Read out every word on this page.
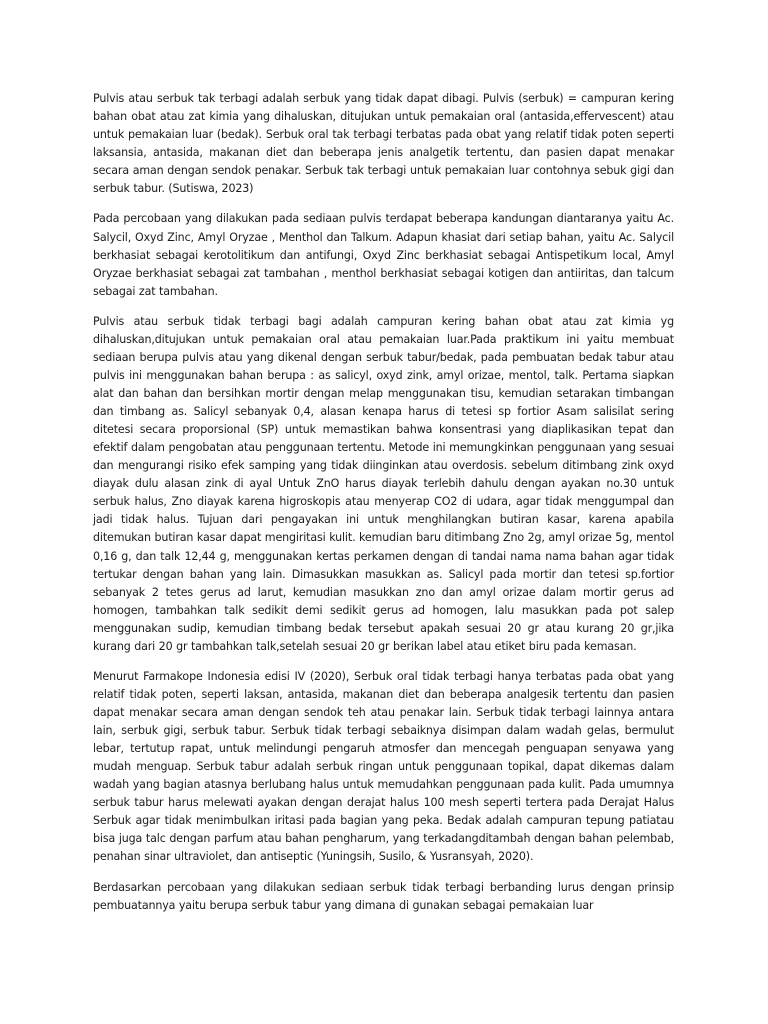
Pulvis atau serbuk tak terbagi adalah serbuk yang tidak dapat dibagi. Pulvis (serbuk) = campuran kering bahan obat atau zat kimia yang dihaluskan, ditujukan untuk pemakaian oral (antasida,effervescent) atau untuk pemakaian luar (bedak). Serbuk oral tak terbagi terbatas pada obat yang relatif tidak poten seperti laksansia, antasida, makanan diet dan beberapa jenis analgetik tertentu, dan pasien dapat menakar secara aman dengan sendok penakar. Serbuk tak terbagi untuk pemakaian luar contohnya sebuk gigi dan serbuk tabur. (Sutiswa, 2023)

Pada percobaan yang dilakukan pada sediaan pulvis terdapat beberapa kandungan diantaranya yaitu Ac. Salycil, Oxyd Zinc, Amyl Oryzae , Menthol dan Talkum. Adapun khasiat dari setiap bahan, yaitu Ac. Salycil berkhasiat sebagai kerotolitikum dan antifungi, Oxyd Zinc berkhasiat sebagai Antispetikum local, Amyl Oryzae berkhasiat sebagai zat tambahan , menthol berkhasiat sebagai kotigen dan antiiritas, dan talcum sebagai zat tambahan.

Pulvis atau serbuk tidak terbagi bagi adalah campuran kering bahan obat atau zat kimia yg dihaluskan,ditujukan untuk pemakaian oral atau pemakaian luar.Pada praktikum ini yaitu membuat sediaan berupa pulvis atau yang dikenal dengan serbuk tabur/bedak, pada pembuatan bedak tabur atau pulvis ini menggunakan bahan berupa : as salicyl, oxyd zink, amyl orizae, mentol, talk. Pertama siapkan alat dan bahan dan bersihkan mortir dengan melap menggunakan tisu, kemudian setarakan timbangan dan timbang as. Salicyl sebanyak 0,4, alasan kenapa harus di tetesi sp fortior Asam salisilat sering ditetesi secara proporsional (SP) untuk memastikan bahwa konsentrasi yang diaplikasikan tepat dan efektif dalam pengobatan atau penggunaan tertentu. Metode ini memungkinkan penggunaan yang sesuai dan mengurangi risiko efek samping yang tidak diinginkan atau overdosis. sebelum ditimbang zink oxyd diayak dulu alasan zink di ayal Untuk ZnO harus diayak terlebih dahulu dengan ayakan no.30 untuk serbuk halus, Zno diayak karena higroskopis atau menyerap CO2 di udara, agar tidak menggumpal dan jadi tidak halus. Tujuan dari pengayakan ini untuk menghilangkan butiran kasar, karena apabila ditemukan butiran kasar dapat mengiritasi kulit. kemudian baru ditimbang Zno 2g, amyl orizae 5g, mentol 0,16 g, dan talk 12,44 g, menggunakan kertas perkamen dengan di tandai nama nama bahan agar tidak tertukar dengan bahan yang lain. Dimasukkan masukkan as. Salicyl pada mortir dan tetesi sp.fortior sebanyak 2 tetes gerus ad larut, kemudian masukkan zno dan amyl orizae dalam mortir gerus ad homogen, tambahkan talk sedikit demi sedikit gerus ad homogen, lalu masukkan pada pot salep menggunakan sudip, kemudian timbang bedak tersebut apakah sesuai 20 gr atau kurang 20 gr,jika kurang dari 20 gr tambahkan talk,setelah sesuai 20 gr berikan label atau etiket biru pada kemasan.

Menurut Farmakope Indonesia edisi IV (2020), Serbuk oral tidak terbagi hanya terbatas pada obat yang relatif tidak poten, seperti laksan, antasida, makanan diet dan beberapa analgesik tertentu dan pasien dapat menakar secara aman dengan sendok teh atau penakar lain. Serbuk tidak terbagi lainnya antara lain, serbuk gigi, serbuk tabur. Serbuk tidak terbagi sebaiknya disimpan dalam wadah gelas, bermulut lebar, tertutup rapat, untuk melindungi pengaruh atmosfer dan mencegah penguapan senyawa yang mudah menguap. Serbuk tabur adalah serbuk ringan untuk penggunaan topikal, dapat dikemas dalam wadah yang bagian atasnya berlubang halus untuk memudahkan penggunaan pada kulit. Pada umumnya serbuk tabur harus melewati ayakan dengan derajat halus 100 mesh seperti tertera pada Derajat Halus Serbuk agar tidak menimbulkan iritasi pada bagian yang peka. Bedak adalah campuran tepung patiatau bisa juga talc dengan parfum atau bahan pengharum, yang terkadangditambah dengan bahan pelembab, penahan sinar ultraviolet, dan antiseptic (Yuningsih, Susilo, & Yusransyah, 2020).

Berdasarkan percobaan yang dilakukan sediaan serbuk tidak terbagi berbanding lurus dengan prinsip pembuatannya yaitu berupa serbuk tabur yang dimana di gunakan sebagai pemakaian luar
